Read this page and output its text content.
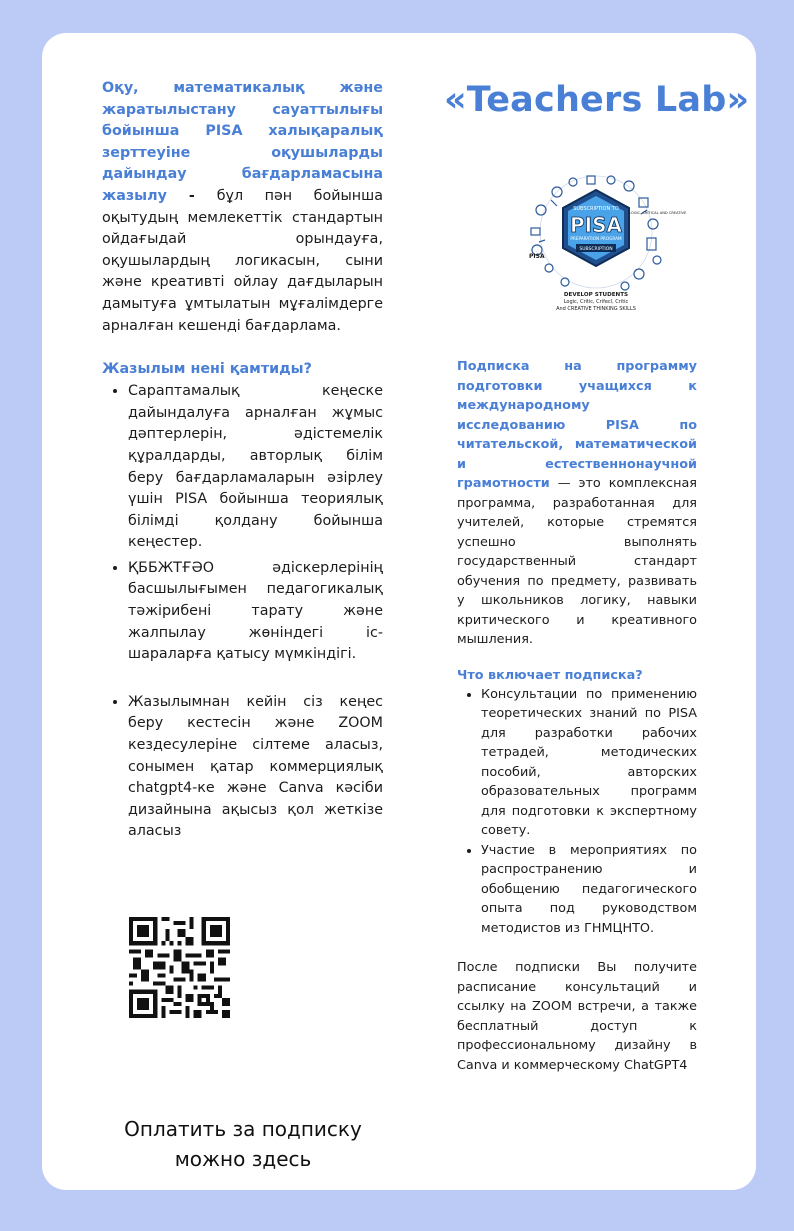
«Teachers Lab»
SUBSCRIPTION TO
PISA
PREPARATION PROGRAM
SUBSCRIPTION
PISA
LOGIC, CRITICAL AND CREATIVE
DEVELOP STUDENTS
Logic, Critic, Crifecl, Critic
And CREATIVE THINKING SKILLS

Оқу, математикалық және жаратылыстану сауаттылығы бойынша PISA халықаралық зерттеуіне оқушыларды дайындау бағдарламасына жазылу - бұл пән бойынша оқытудың мемлекеттік стандартын ойдағыдай орындауға, оқушылардың логикасын, сыни және креативті ойлау дағдыларын дамытуға ұмтылатын мұғалімдерге арналған кешенді бағдарлама.

Жазылым нені қамтиды?
• Сараптамалық кеңеске дайындалуға арналған жұмыс дәптерлерін, әдістемелік құралдарды, авторлық білім беру бағдарламаларын әзірлеу үшін PISA бойынша теориялық білімді қолдану бойынша кеңестер.
• ҚББЖТҒӘО әдіскерлерінің басшылығымен педагогикалық тәжірибені тарату және жалпылау жөніндегі іс-шараларға қатысу мүмкіндігі.
• Жазылымнан кейін сіз кеңес беру кестесін және ZOOM кездесулеріне сілтеме аласыз, сонымен қатар коммерциялық chatgpt4-ке және Canva кәсіби дизайнына ақысыз қол жеткізе аласыз

Подписка на программу подготовки учащихся к международному исследованию PISA по читательской, математической и естественнонаучной грамотности — это комплексная программа, разработанная для учителей, которые стремятся успешно выполнять государственный стандарт обучения по предмету, развивать у школьников логику, навыки критического и креативного мышления.

Что включает подписка?
• Консультации по применению теоретических знаний по PISA для разработки рабочих тетрадей, методических пособий, авторских образовательных программ для подготовки к экспертному совету.
• Участие в мероприятиях по распространению и обобщению педагогического опыта под руководством методистов из ГНМЦНТО.

После подписки Вы получите расписание консультаций и ссылку на ZOOM встречи, а также бесплатный доступ к профессиональному дизайну в Canva и коммерческому ChatGPT4

Оплатить за подписку можно здесь
